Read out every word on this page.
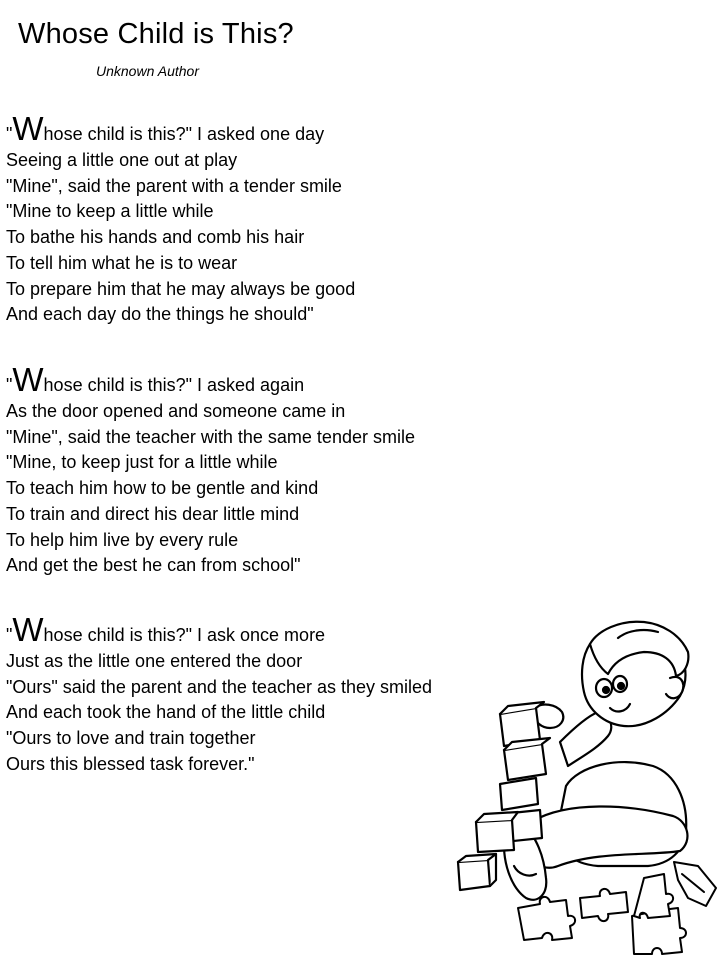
Whose Child is This?
Unknown Author
"Whose child is this?" I asked one day
Seeing a little one out at play
"Mine", said the parent with a tender smile
"Mine to keep a little while
To bathe his hands and comb his hair
To tell him what he is to wear
To prepare him that he may always be good
And each day do the things he should"
"Whose child is this?" I asked again
As the door opened and someone came in
"Mine", said the teacher with the same tender smile
"Mine, to keep just for a little while
To teach him how to be gentle and kind
To train and direct his dear little mind
To help him live by every rule
And get the best he can from school"
"Whose child is this?" I ask once more
Just as the little one entered the door
"Ours" said the parent and the teacher as they smiled
And each took the hand of the little child
"Ours to love and train together
Ours this blessed task forever."
